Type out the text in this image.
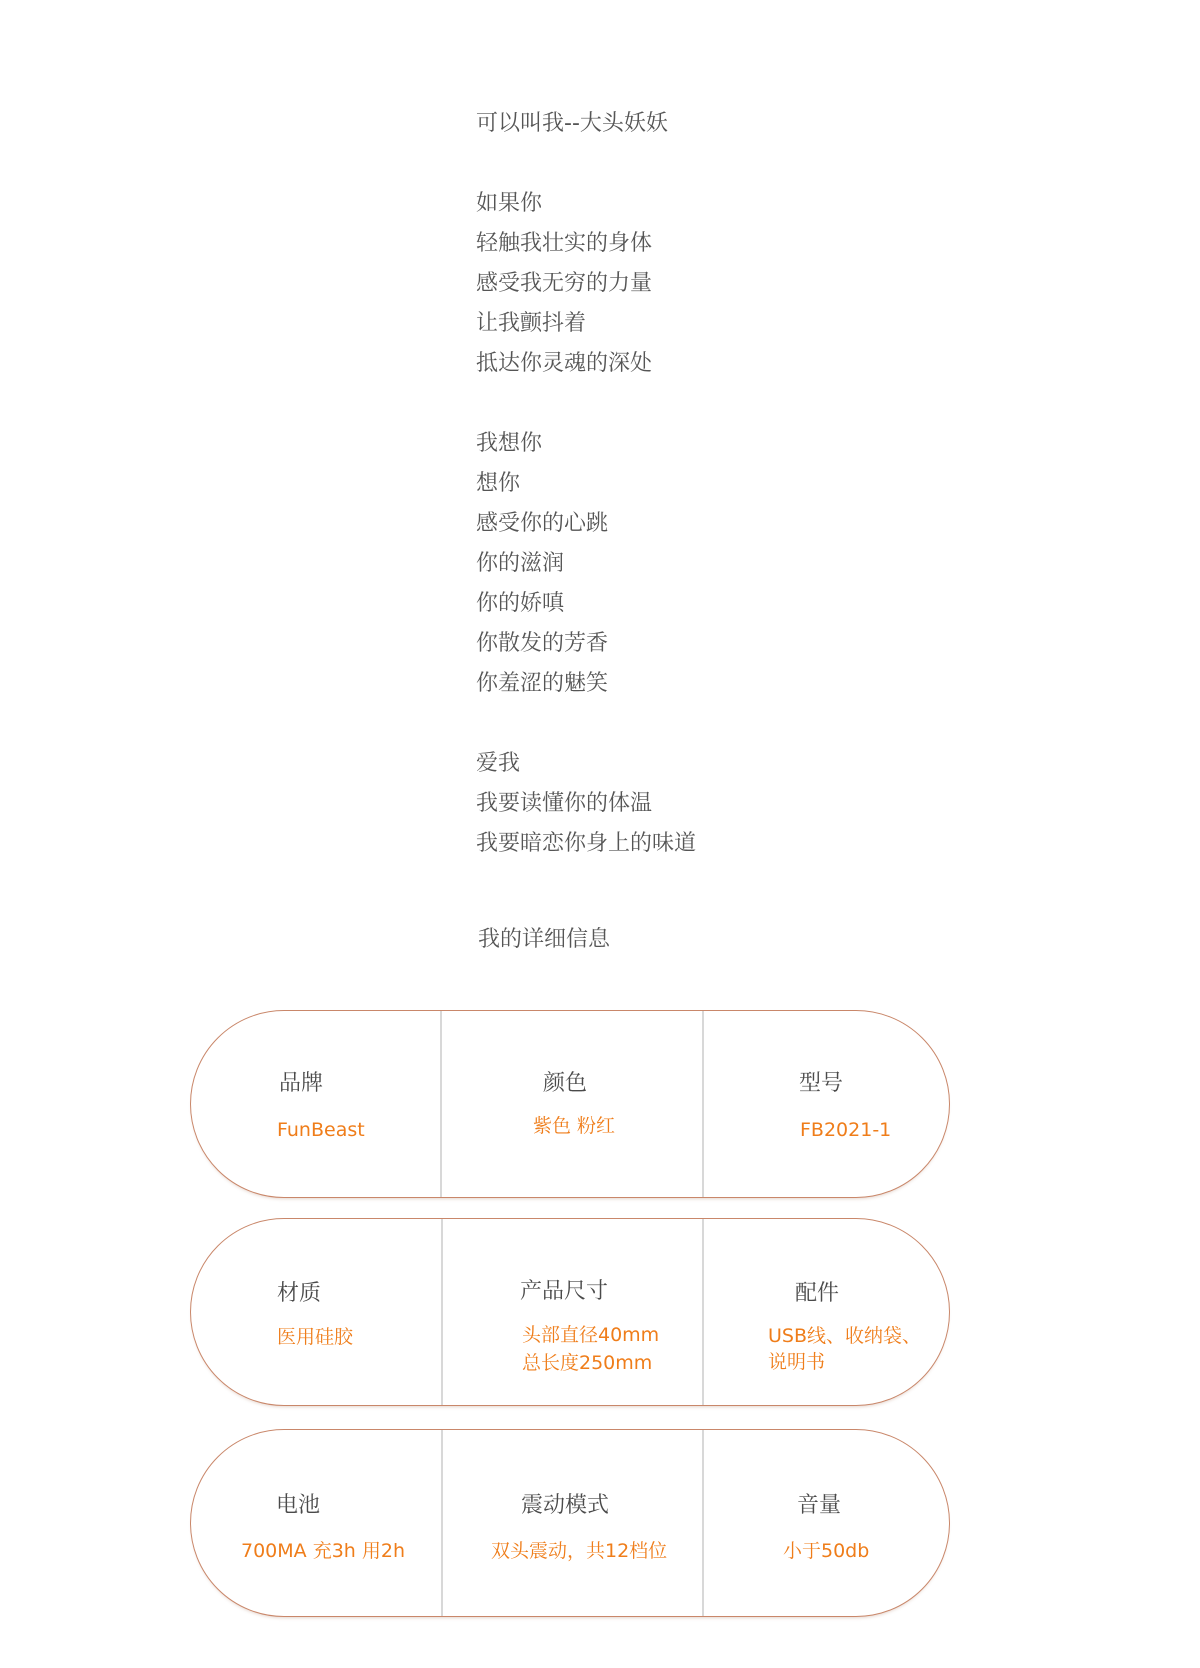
可以叫我--大头妖妖
如果你
轻触我壮实的身体
感受我无穷的力量
让我颤抖着
抵达你灵魂的深处
我想你
想你
感受你的心跳
你的滋润
你的娇嗔
你散发的芳香
你羞涩的魅笑
爱我
我要读懂你的体温
我要暗恋你身上的味道
我的详细信息
品牌
FunBeast
颜色
紫色 粉红
型号
FB2021-1
材质
医用硅胶
产品尺寸
头部直径40mm
总长度250mm
配件
USB线、收纳袋、
说明书
电池
700MA 充3h 用2h
震动模式
双头震动，共12档位
音量
小于50db
